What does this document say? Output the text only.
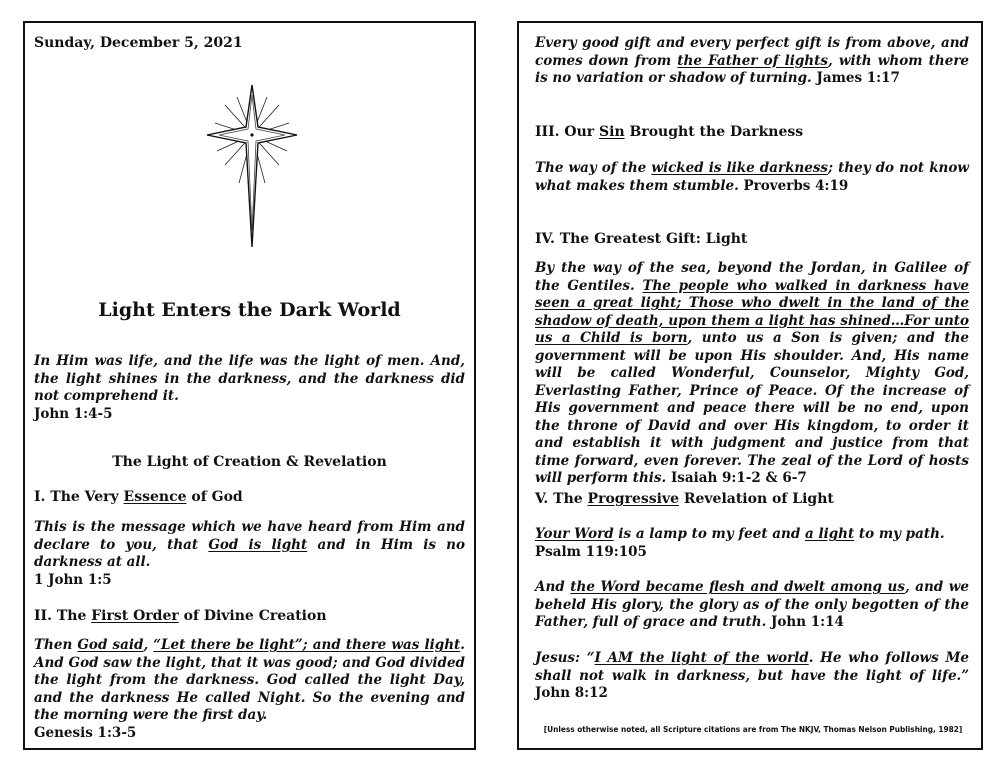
Sunday, December 5, 2021
Light Enters the Dark World
In Him was life, and the life was the light of men. And, the light shines in the darkness, and the darkness did not comprehend it.
John 1:4-5
The Light of Creation & Revelation
I. The Very Essence of God
This is the message which we have heard from Him and declare to you, that God is light and in Him is no darkness at all.
1 John 1:5
II. The First Order of Divine Creation
Then God said, “Let there be light”; and there was light. And God saw the light, that it was good; and God divided the light from the darkness. God called the light Day, and the darkness He called Night. So the evening and the morning were the first day.
Genesis 1:3-5
Every good gift and every perfect gift is from above, and comes down from the Father of lights, with whom there is no variation or shadow of turning. James 1:17
III. Our Sin Brought the Darkness
The way of the wicked is like darkness; they do not know what makes them stumble. Proverbs 4:19
IV. The Greatest Gift: Light
By the way of the sea, beyond the Jordan, in Galilee of the Gentiles. The people who walked in darkness have seen a great light; Those who dwelt in the land of the shadow of death, upon them a light has shined…For unto us a Child is born, unto us a Son is given; and the government will be upon His shoulder. And, His name will be called Wonderful, Counselor, Mighty God, Everlasting Father, Prince of Peace. Of the increase of His government and peace there will be no end, upon the throne of David and over His kingdom, to order it and establish it with judgment and justice from that time forward, even forever. The zeal of the Lord of hosts will perform this. Isaiah 9:1-2 & 6-7
V. The Progressive Revelation of Light
Your Word is a lamp to my feet and a light to my path.
Psalm 119:105
And the Word became flesh and dwelt among us, and we beheld His glory, the glory as of the only begotten of the Father, full of grace and truth. John 1:14
Jesus: “I AM the light of the world. He who follows Me shall not walk in darkness, but have the light of life.” John 8:12
[Unless otherwise noted, all Scripture citations are from The NKJV, Thomas Nelson Publishing, 1982]
